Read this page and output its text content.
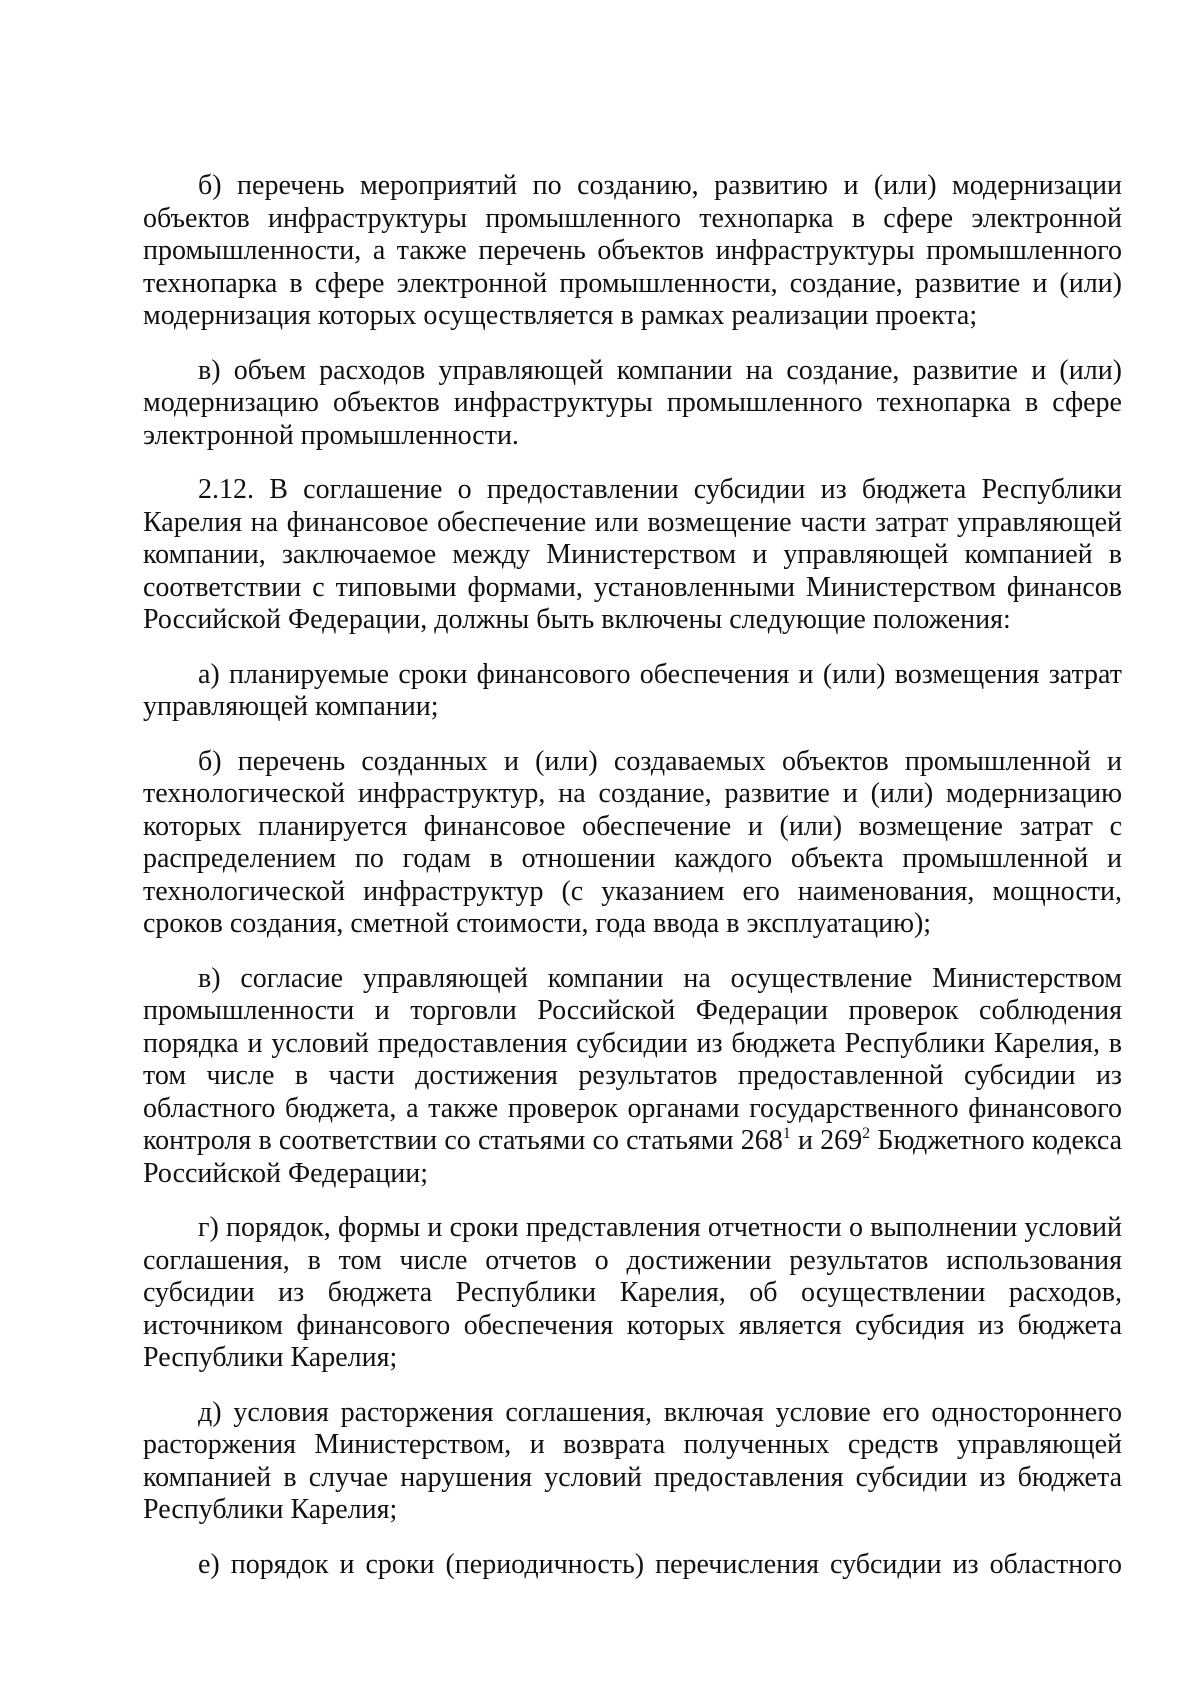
б) перечень мероприятий по созданию, развитию и (или) модернизации объектов инфраструктуры промышленного технопарка в сфере электронной промышленности, а также перечень объектов инфраструктуры промышленного технопарка в сфере электронной промышленности, создание, развитие и (или) модернизация которых осуществляется в рамках реализации проекта;

в) объем расходов управляющей компании на создание, развитие и (или) модернизацию объектов инфраструктуры промышленного технопарка в сфере электронной промышленности.

2.12. В соглашение о предоставлении субсидии из бюджета Республики Карелия на финансовое обеспечение или возмещение части затрат управляющей компании, заключаемое между Министерством и управляющей компанией в соответствии с типовыми формами, установленными Министерством финансов Российской Федерации, должны быть включены следующие положения:

а) планируемые сроки финансового обеспечения и (или) возмещения затрат управляющей компании;

б) перечень созданных и (или) создаваемых объектов промышленной и технологической инфраструктур, на создание, развитие и (или) модернизацию которых планируется финансовое обеспечение и (или) возмещение затрат с распределением по годам в отношении каждого объекта промышленной и технологической инфраструктур (с указанием его наименования, мощности, сроков создания, сметной стоимости, года ввода в эксплуатацию);

в) согласие управляющей компании на осуществление Министерством промышленности и торговли Российской Федерации проверок соблюдения порядка и условий предоставления субсидии из бюджета Республики Карелия, в том числе в части достижения результатов предоставленной субсидии из областного бюджета, а также проверок органами государственного финансового контроля в соответствии со статьями со статьями $268^1$ и $269^2$ Бюджетного кодекса Российской Федерации;

г) порядок, формы и сроки представления отчетности о выполнении условий соглашения, в том числе отчетов о достижении результатов использования субсидии из бюджета Республики Карелия, об осуществлении расходов, источником финансового обеспечения которых является субсидия из бюджета Республики Карелия;

д) условия расторжения соглашения, включая условие его одностороннего расторжения Министерством, и возврата полученных средств управляющей компанией в случае нарушения условий предоставления субсидии из бюджета Республики Карелия;

е) порядок и сроки (периодичность) перечисления субсидии из областного
